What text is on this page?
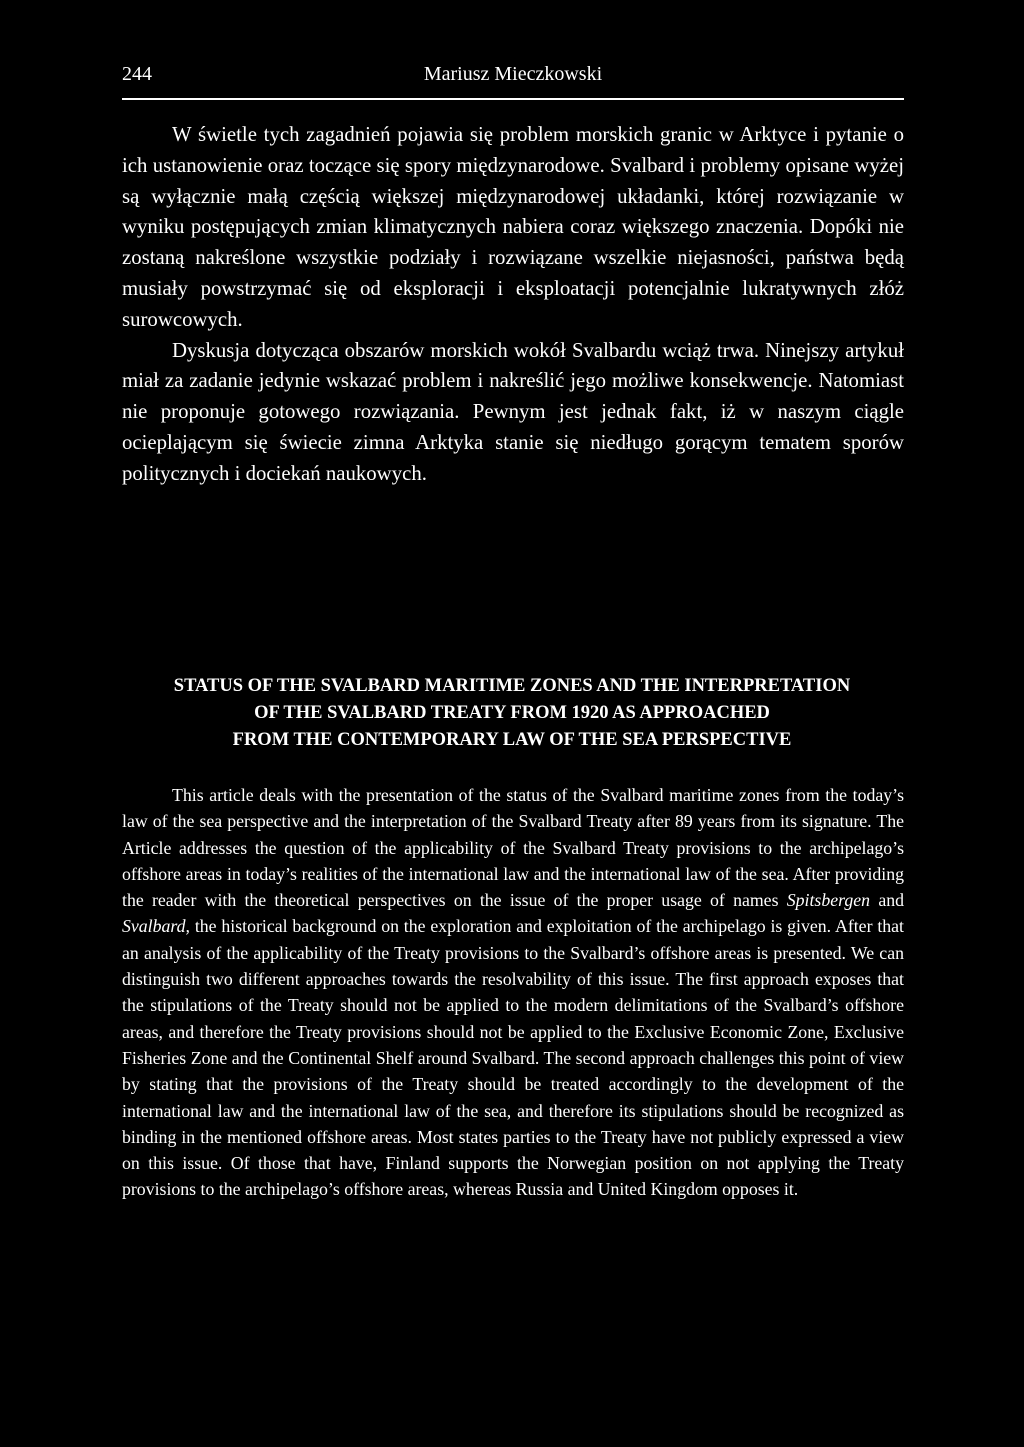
244	Mariusz Mieczkowski

W świetle tych zagadnień pojawia się problem morskich granic w Arktyce i pytanie o ich ustanowienie oraz toczące się spory międzynarodowe. Svalbard i problemy opisane wyżej są wyłącznie małą częścią większej międzynarodowej układanki, której rozwiązanie w wyniku postępujących zmian klimatycznych nabiera coraz większego znaczenia. Dopóki nie zostaną nakreślone wszystkie podziały i rozwiązane wszelkie niejasności, państwa będą musiały powstrzymać się od eksploracji i eksploatacji potencjalnie lukratywnych złóż surowcowych.

Dyskusja dotycząca obszarów morskich wokół Svalbardu wciąż trwa. Ninejszy artykuł miał za zadanie jedynie wskazać problem i nakreślić jego możliwe konsekwencje. Natomiast nie proponuje gotowego rozwiązania. Pewnym jest jednak fakt, iż w naszym ciągle ocieplającym się świecie zimna Arktyka stanie się niedługo gorącym tematem sporów politycznych i dociekań naukowych.

STATUS OF THE SVALBARD MARITIME ZONES AND THE INTERPRETATION
OF THE SVALBARD TREATY FROM 1920 AS APPROACHED
FROM THE CONTEMPORARY LAW OF THE SEA PERSPECTIVE

This article deals with the presentation of the status of the Svalbard maritime zones from the today’s law of the sea perspective and the interpretation of the Svalbard Treaty after 89 years from its signature. The Article addresses the question of the applicability of the Svalbard Treaty provisions to the archipelago’s offshore areas in today’s realities of the international law and the international law of the sea. After providing the reader with the theoretical perspectives on the issue of the proper usage of names Spitsbergen and Svalbard, the historical background on the exploration and exploitation of the archipelago is given. After that an analysis of the applicability of the Treaty provisions to the Svalbard’s offshore areas is presented. We can distinguish two different approaches towards the resolvability of this issue. The first approach exposes that the stipulations of the Treaty should not be applied to the modern delimitations of the Svalbard’s offshore areas, and therefore the Treaty provisions should not be applied to the Exclusive Economic Zone, Exclusive Fisheries Zone and the Continental Shelf around Svalbard. The second approach challenges this point of view by stating that the provisions of the Treaty should be treated accordingly to the development of the international law and the international law of the sea, and therefore its stipulations should be recognized as binding in the mentioned offshore areas. Most states parties to the Treaty have not publicly expressed a view on this issue. Of those that have, Finland supports the Norwegian position on not applying the Treaty provisions to the archipelago’s offshore areas, whereas Russia and United Kingdom opposes it.
